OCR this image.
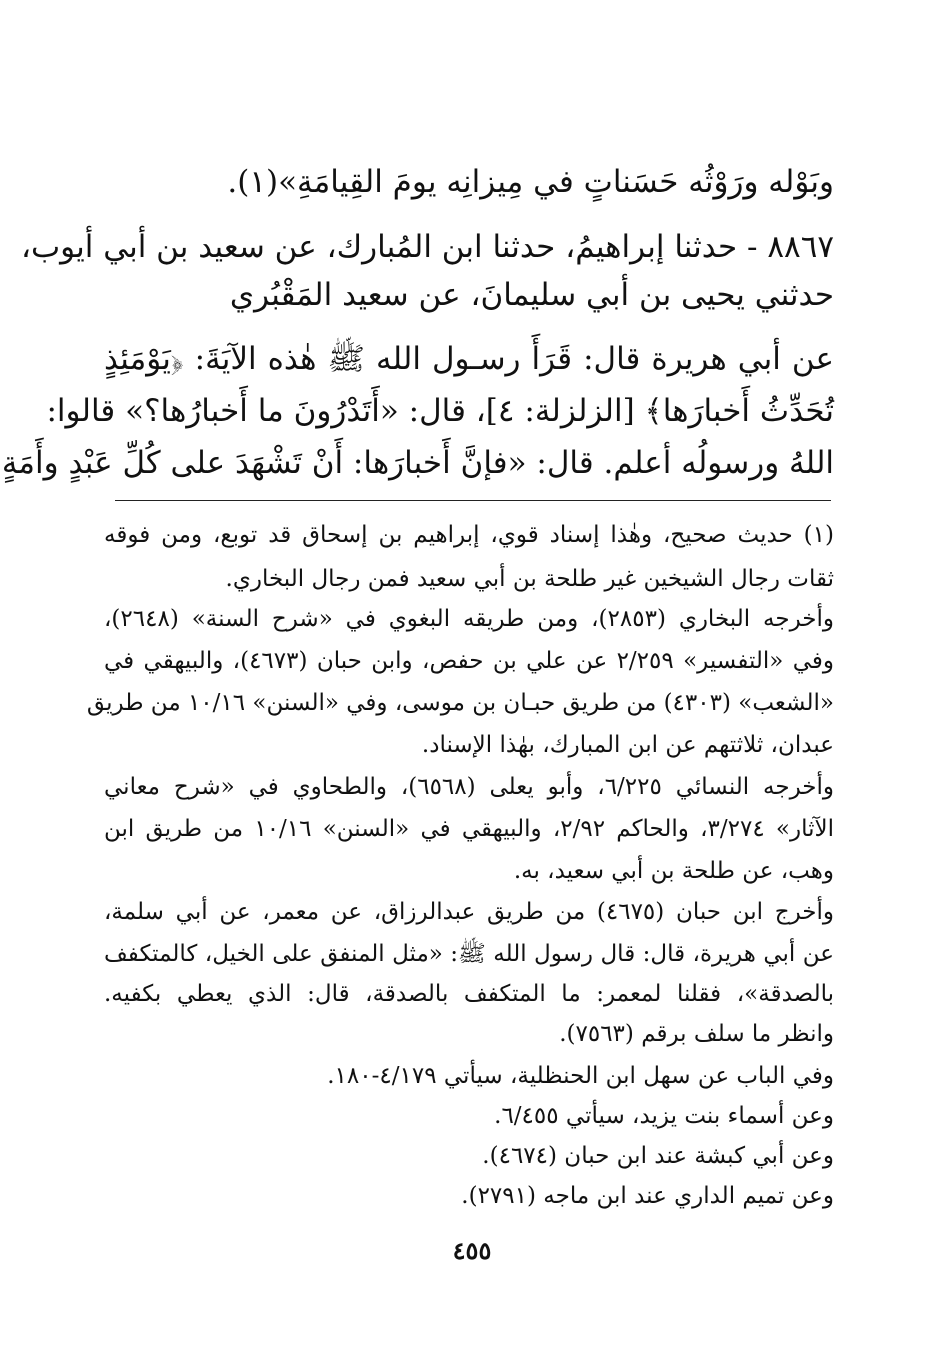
وبَوْله ورَوْثُه حَسَناتٍ في مِيزانِه يومَ القِيامَةِ»(١).
٨٨٦٧ - حدثنا إبراهيمُ، حدثنا ابن المُبارك، عن سعيد بن أبي أيوب،
حدثني يحيى بن أبي سليمانَ، عن سعيد المَقْبُري
عن أبي هريرة قال: قَرَأَ رسـول الله ﷺ هٰذه الآيَةَ: ﴿يَوْمَئِذٍ
تُحَدِّثُ أَخبارَها﴾ [الزلزلة: ٤]، قال: «أَتَدْرُونَ ما أَخبارُها؟» قالوا:
اللهُ ورسولُه أعلم. قال: «فإنَّ أَخبارَها: أَنْ تَشْهَدَ على كُلِّ عَبْدٍ وأَمَةٍ
(١) حديث صحيح، وهٰذا إسناد قوي، إبراهيم بن إسحاق قد توبع، ومن فوقه
ثقات رجال الشيخين غير طلحة بن أبي سعيد فمن رجال البخاري.
وأخرجه البخاري (٢٨٥٣)، ومن طريقه البغوي في «شرح السنة» (٢٦٤٨)،
وفي «التفسير» ٢/٢٥٩ عن علي بن حفص، وابن حبان (٤٦٧٣)، والبيهقي في
«الشعب» (٤٣٠٣) من طريق حبـان بن موسى، وفي «السنن» ١٠/١٦ من طريق
عبدان، ثلاثتهم عن ابن المبارك، بهٰذا الإسناد.
وأخرجه النسائي ٦/٢٢٥، وأبو يعلى (٦٥٦٨)، والطحاوي في «شرح معاني
الآثار» ٣/٢٧٤، والحاكم ٢/٩٢، والبيهقي في «السنن» ١٠/١٦ من طريق ابن
وهب، عن طلحة بن أبي سعيد، به.
وأخرج ابن حبان (٤٦٧٥) من طريق عبدالرزاق، عن معمر، عن أبي سلمة،
عن أبي هريرة، قال: قال رسول الله ﷺ: «مثل المنفق على الخيل، كالمتكفف
بالصدقة»، فقلنا لمعمر: ما المتكفف بالصدقة، قال: الذي يعطي بكفيه.
وانظر ما سلف برقم (٧٥٦٣).
وفي الباب عن سهل ابن الحنظلية، سيأتي ٤/١٧٩-١٨٠.
وعن أسماء بنت يزيد، سيأتي ٦/٤٥٥.
وعن أبي كبشة عند ابن حبان (٤٦٧٤).
وعن تميم الداري عند ابن ماجه (٢٧٩١).
٤٥٥
